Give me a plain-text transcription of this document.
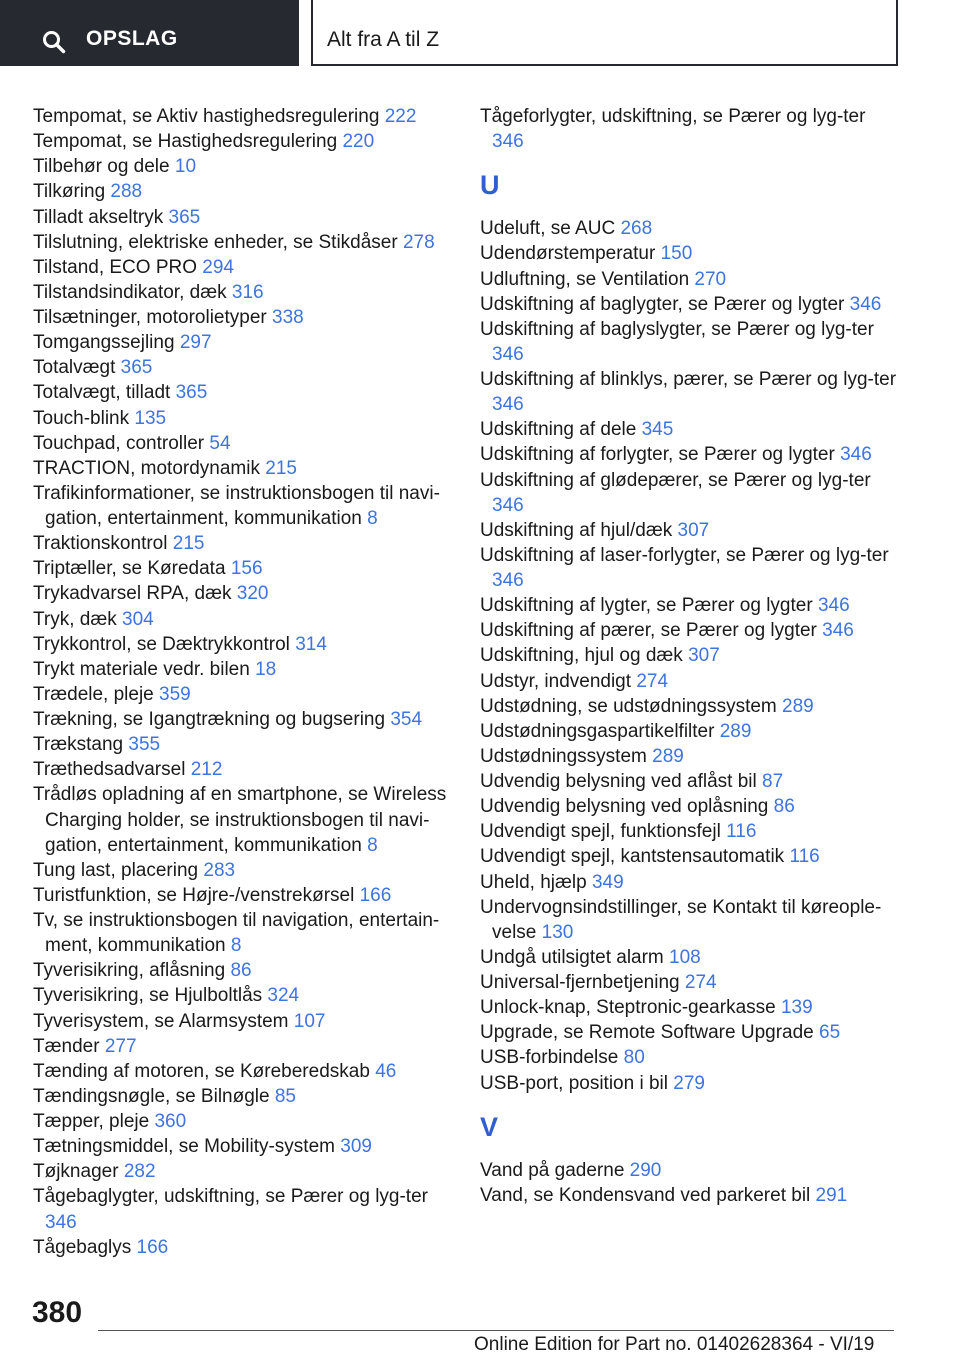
OPSLAG	Alt fra A til Z
Tempomat, se Aktiv hastighedsregulering 222
Tempomat, se Hastighedsregulering 220
Tilbehør og dele 10
Tilkøring 288
Tilladt akseltryk 365
Tilslutning, elektriske enheder, se Stikdåser 278
Tilstand, ECO PRO 294
Tilstandsindikator, dæk 316
Tilsætninger, motorolietyper 338
Tomgangssejling 297
Totalvægt 365
Totalvægt, tilladt 365
Touch-blink 135
Touchpad, controller 54
TRACTION, motordynamik 215
Trafikinformationer, se instruktionsbogen til navi-gation, entertainment, kommunikation 8
Traktionskontrol 215
Triptæller, se Køredata 156
Trykadvarsel RPA, dæk 320
Tryk, dæk 304
Trykkontrol, se Dæktrykkontrol 314
Trykt materiale vedr. bilen 18
Trædele, pleje 359
Trækning, se Igangtrækning og bugsering 354
Trækstang 355
Træthedsadvarsel 212
Trådløs opladning af en smartphone, se Wireless Charging holder, se instruktionsbogen til navi-gation, entertainment, kommunikation 8
Tung last, placering 283
Turistfunktion, se Højre-/venstrekørsel 166
Tv, se instruktionsbogen til navigation, entertain-ment, kommunikation 8
Tyverisikring, aflåsning 86
Tyverisikring, se Hjulboltlås 324
Tyverisystem, se Alarmsystem 107
Tænder 277
Tænding af motoren, se Køreberedskab 46
Tændingsnøgle, se Bilnøgle 85
Tæpper, pleje 360
Tætningsmiddel, se Mobility-system 309
Tøjknager 282
Tågebaglygter, udskiftning, se Pærer og lyg-ter 346
Tågebaglys 166
Tågeforlygter, udskiftning, se Pærer og lyg-ter 346
U
Udeluft, se AUC 268
Udendørstemperatur 150
Udluftning, se Ventilation 270
Udskiftning af baglygter, se Pærer og lygter 346
Udskiftning af baglyslygter, se Pærer og lyg-ter 346
Udskiftning af blinklys, pærer, se Pærer og lyg-ter 346
Udskiftning af dele 345
Udskiftning af forlygter, se Pærer og lygter 346
Udskiftning af glødepærer, se Pærer og lyg-ter 346
Udskiftning af hjul/dæk 307
Udskiftning af laser-forlygter, se Pærer og lyg-ter 346
Udskiftning af lygter, se Pærer og lygter 346
Udskiftning af pærer, se Pærer og lygter 346
Udskiftning, hjul og dæk 307
Udstyr, indvendigt 274
Udstødning, se udstødningssystem 289
Udstødningsgaspartikelfilter 289
Udstødningssystem 289
Udvendig belysning ved aflåst bil 87
Udvendig belysning ved oplåsning 86
Udvendigt spejl, funktionsfejl 116
Udvendigt spejl, kantstensautomatik 116
Uheld, hjælp 349
Undervognsindstillinger, se Kontakt til køreople-velse 130
Undgå utilsigtet alarm 108
Universal-fjernbetjening 274
Unlock-knap, Steptronic-gearkasse 139
Upgrade, se Remote Software Upgrade 65
USB-forbindelse 80
USB-port, position i bil 279
V
Vand på gaderne 290
Vand, se Kondensvand ved parkeret bil 291
380
Online Edition for Part no. 01402628364 - VI/19
